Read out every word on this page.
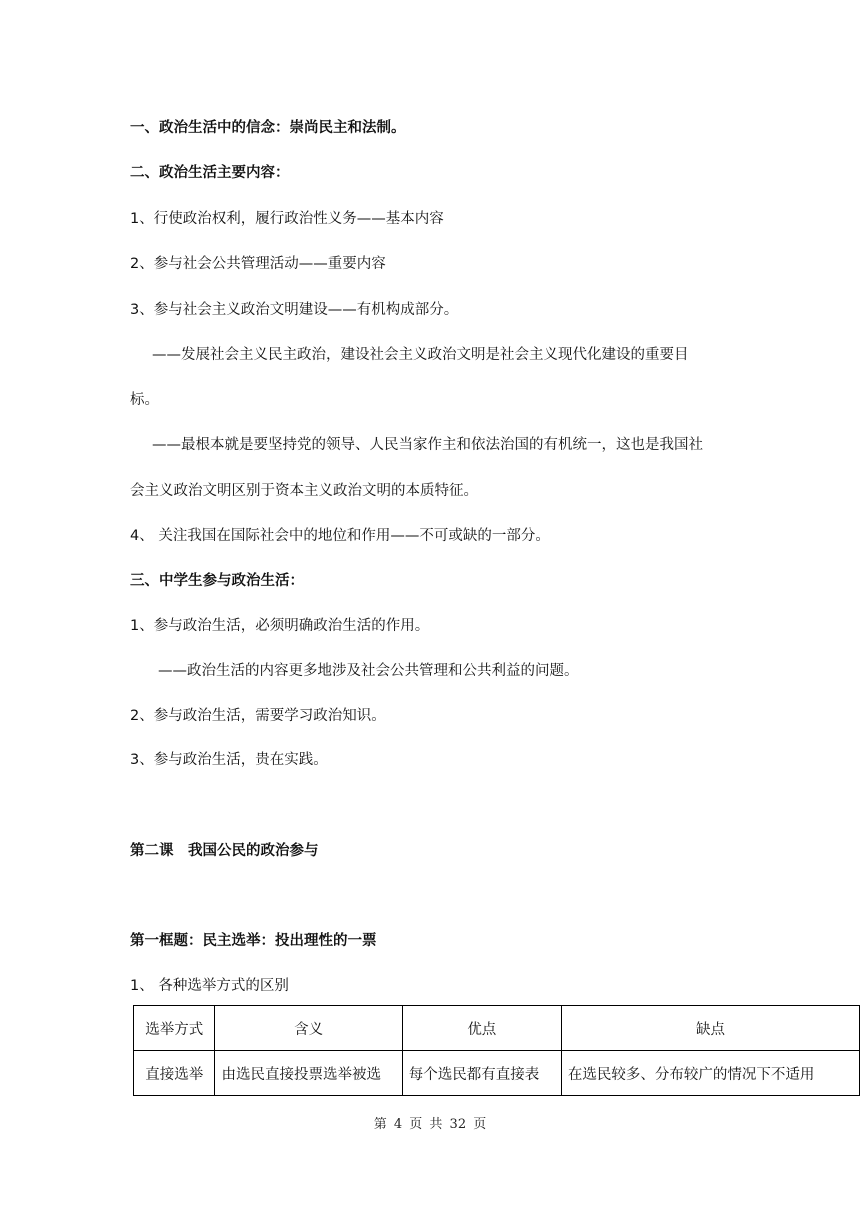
一、政治生活中的信念：崇尚民主和法制。
二、政治生活主要内容：
1、行使政治权利，履行政治性义务——基本内容
2、参与社会公共管理活动——重要内容
3、参与社会主义政治文明建设——有机构成部分。
——发展社会主义民主政治，建设社会主义政治文明是社会主义现代化建设的重要目
标。
——最根本就是要坚持党的领导、人民当家作主和依法治国的有机统一，这也是我国社
会主义政治文明区别于资本主义政治文明的本质特征。
4、 关注我国在国际社会中的地位和作用——不可或缺的一部分。
三、中学生参与政治生活：
1、参与政治生活，必须明确政治生活的作用。
——政治生活的内容更多地涉及社会公共管理和公共利益的问题。
2、参与政治生活，需要学习政治知识。
3、参与政治生活，贵在实践。
第二课　我国公民的政治参与
第一框题：民主选举：投出理性的一票
1、 各种选举方式的区别
选举方式	含义	优点	缺点
直接选举	由选民直接投票选举被选	每个选民都有直接表	在选民较多、分布较广的情况下不适用
第 4 页 共 32 页
